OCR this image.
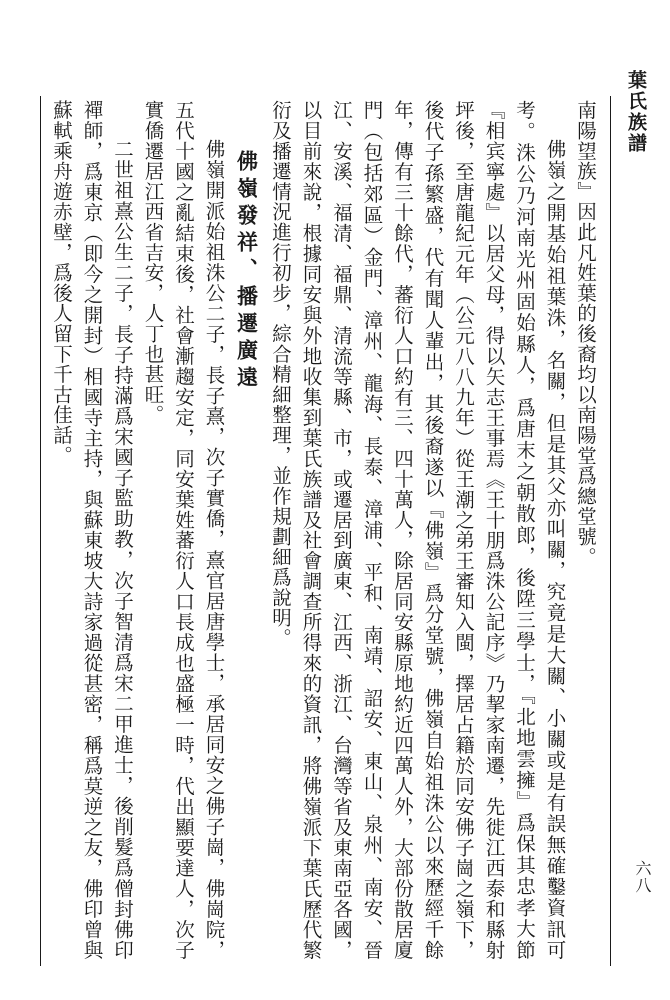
葉氏族譜

南陽望族』因此凡姓葉的後裔均以南陽堂爲總堂號。

佛嶺之開基始祖葉洙，名關，但是其父亦叫關，究竟是大關、小關或是有誤無確鑿資訊可考。洙公乃河南光州固始縣人，爲唐末之朝散郎，後陞三學士，『北地雲擁』爲保其忠孝大節『相宾寧處』以居父母，得以矢志王事焉《王十朋爲洙公記序》乃挈家南遷，先徙江西泰和縣射坪後，至唐龍紀元年（公元八八九年）從王潮之弟王審知入閩，擇居占籍於同安佛子崗之嶺下，後代子孫繁盛，代有聞人輩出，其後裔遂以『佛嶺』爲分堂號，佛嶺自始祖洙公以來歷經千餘年，傳有三十餘代，蕃衍人口約有三、四十萬人，除居同安縣原地約近四萬人外，大部份散居廈門（包括郊區）金門、漳州、龍海、長泰、漳浦、平和、南靖、詔安、東山、泉州、南安、晉江、安溪、福清、福鼎、清流等縣、市，或遷居到廣東、江西、浙江、台灣等省及東南亞各國，以目前來說，根據同安與外地收集到葉氏族譜及社會調查所得來的資訊，將佛嶺派下葉氏歷代繁衍及播遷情況進行初步，綜合精細整理，並作規劃細爲說明。

佛嶺發祥、播遷廣遠

佛嶺開派始祖洙公二子，長子熹，次子實僑，熹官居唐學士，承居同安之佛子崗，佛崗院，五代十國之亂結束後，社會漸趨安定，同安葉姓蕃衍人口長成也盛極一時，代出顯要達人，次子實僑遷居江西省吉安，人丁也甚旺。

二世祖熹公生二子，長子持滿爲宋國子監助教，次子智清爲宋二甲進士，後削髮爲僧封佛印禪師，爲東京（即今之開封）相國寺主持，與蘇東坡大詩家過從甚密，稱爲莫逆之友，佛印曾與蘇軾乘舟遊赤壁，爲後人留下千古佳話。

六八
